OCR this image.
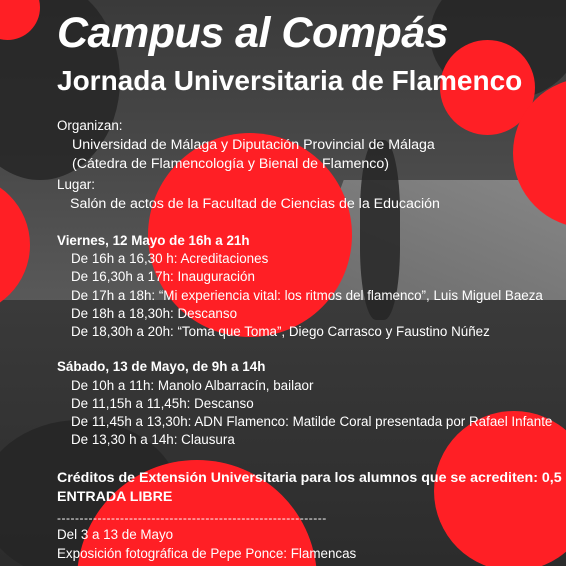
Campus al Compás
Jornada Universitaria de Flamenco
Organizan:
Universidad de Málaga y Diputación Provincial de Málaga
(Cátedra de Flamencología y Bienal de Flamenco)
Lugar:
Salón de actos de la Facultad de Ciencias de la Educación
Viernes, 12 Mayo de 16h a 21h
De 16h a 16,30 h: Acreditaciones
De 16,30h a 17h: Inauguración
De 17h a 18h: “Mi experiencia vital: los ritmos del flamenco”, Luis Miguel Baeza
De 18h a 18,30h: Descanso
De 18,30h a 20h: “Toma que Toma”, Diego Carrasco y Faustino Núñez
Sábado, 13 de Mayo, de 9h a 14h
De 10h a 11h: Manolo Albarracín, bailaor
De 11,15h a 11,45h: Descanso
De 11,45h a 13,30h: ADN Flamenco: Matilde Coral presentada por Rafael Infante
De 13,30 h a 14h: Clausura
Créditos de Extensión Universitaria para los alumnos que se acrediten: 0,5
ENTRADA LIBRE
------------------------------------------------------------
Del 3 a 13 de Mayo
Exposición fotográfica de Pepe Ponce: Flamencas
